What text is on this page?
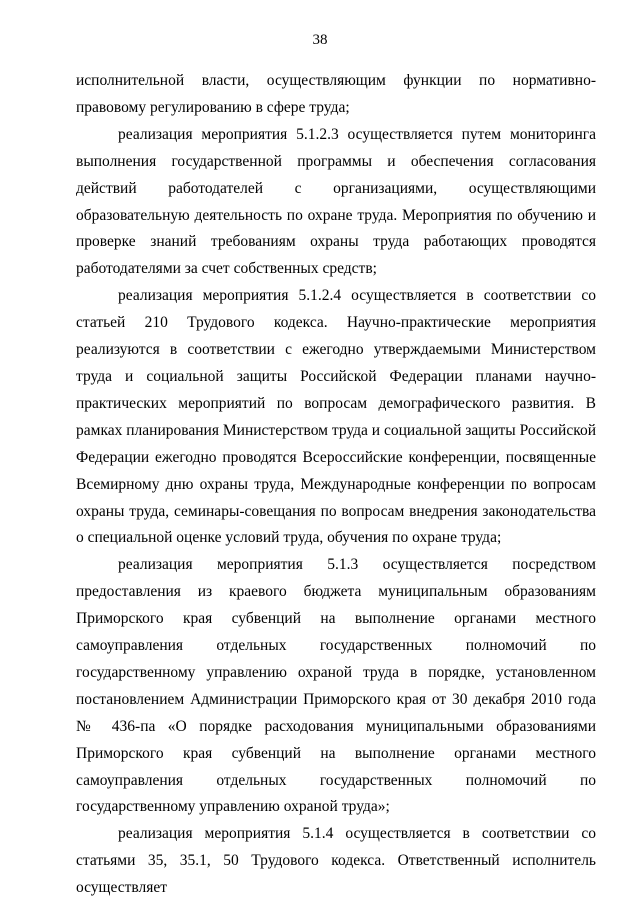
38

исполнительной власти, осуществляющим функции по нормативно-правовому регулированию в сфере труда;

реализация мероприятия 5.1.2.3 осуществляется путем мониторинга выполнения государственной программы и обеспечения согласования действий работодателей с организациями, осуществляющими образовательную деятельность по охране труда. Мероприятия по обучению и проверке знаний требованиям охраны труда работающих проводятся работодателями за счет собственных средств;

реализация мероприятия 5.1.2.4 осуществляется в соответствии со статьей 210 Трудового кодекса. Научно-практические мероприятия реализуются в соответствии с ежегодно утверждаемыми Министерством труда и социальной защиты Российской Федерации планами научно-практических мероприятий по вопросам демографического развития. В рамках планирования Министерством труда и социальной защиты Российской Федерации ежегодно проводятся Всероссийские конференции, посвященные Всемирному дню охраны труда, Международные конференции по вопросам охраны труда, семинары-совещания по вопросам внедрения законодательства о специальной оценке условий труда, обучения по охране труда;

реализация мероприятия 5.1.3 осуществляется посредством предоставления из краевого бюджета муниципальным образованиям Приморского края субвенций на выполнение органами местного самоуправления отдельных государственных полномочий по государственному управлению охраной труда в порядке, установленном постановлением Администрации Приморского края от 30 декабря 2010 года № 436-па «О порядке расходования муниципальными образованиями Приморского края субвенций на выполнение органами местного самоуправления отдельных государственных полномочий по государственному управлению охраной труда»;

реализация мероприятия 5.1.4 осуществляется в соответствии со статьями 35, 35.1, 50 Трудового кодекса. Ответственный исполнитель осуществляет
